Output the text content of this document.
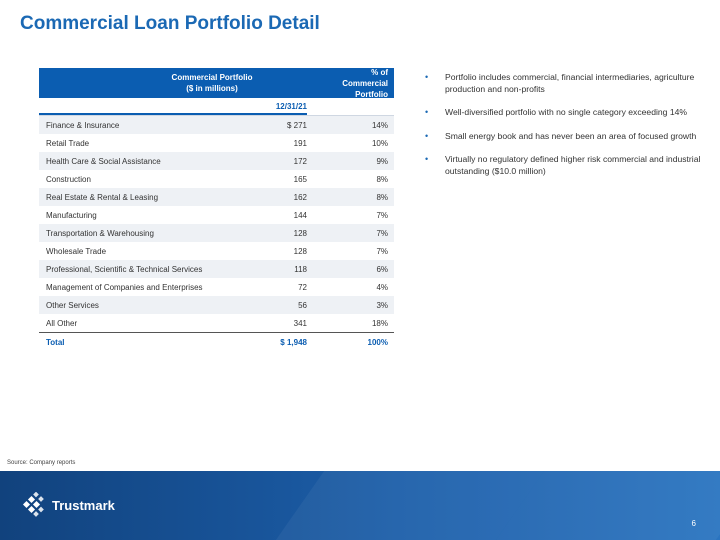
Commercial Loan Portfolio Detail
Commercial Portfolio
($ in millions)
% of Commercial
Portfolio
12/31/21
Finance & Insurance	$ 271	14%
Retail Trade	191	10%
Health Care & Social Assistance	172	9%
Construction	165	8%
Real Estate & Rental & Leasing	162	8%
Manufacturing	144	7%
Transportation & Warehousing	128	7%
Wholesale Trade	128	7%
Professional, Scientific & Technical Services	118	6%
Management of Companies and Enterprises	72	4%
Other Services	56	3%
All Other	341	18%
Total	$ 1,948	100%
• Portfolio includes commercial, financial intermediaries, agriculture production and non-profits
• Well-diversified portfolio with no single category exceeding 14%
• Small energy book and has never been an area of focused growth
• Virtually no regulatory defined higher risk commercial and industrial outstanding ($10.0 million)
Source: Company reports
Trustmark
6
